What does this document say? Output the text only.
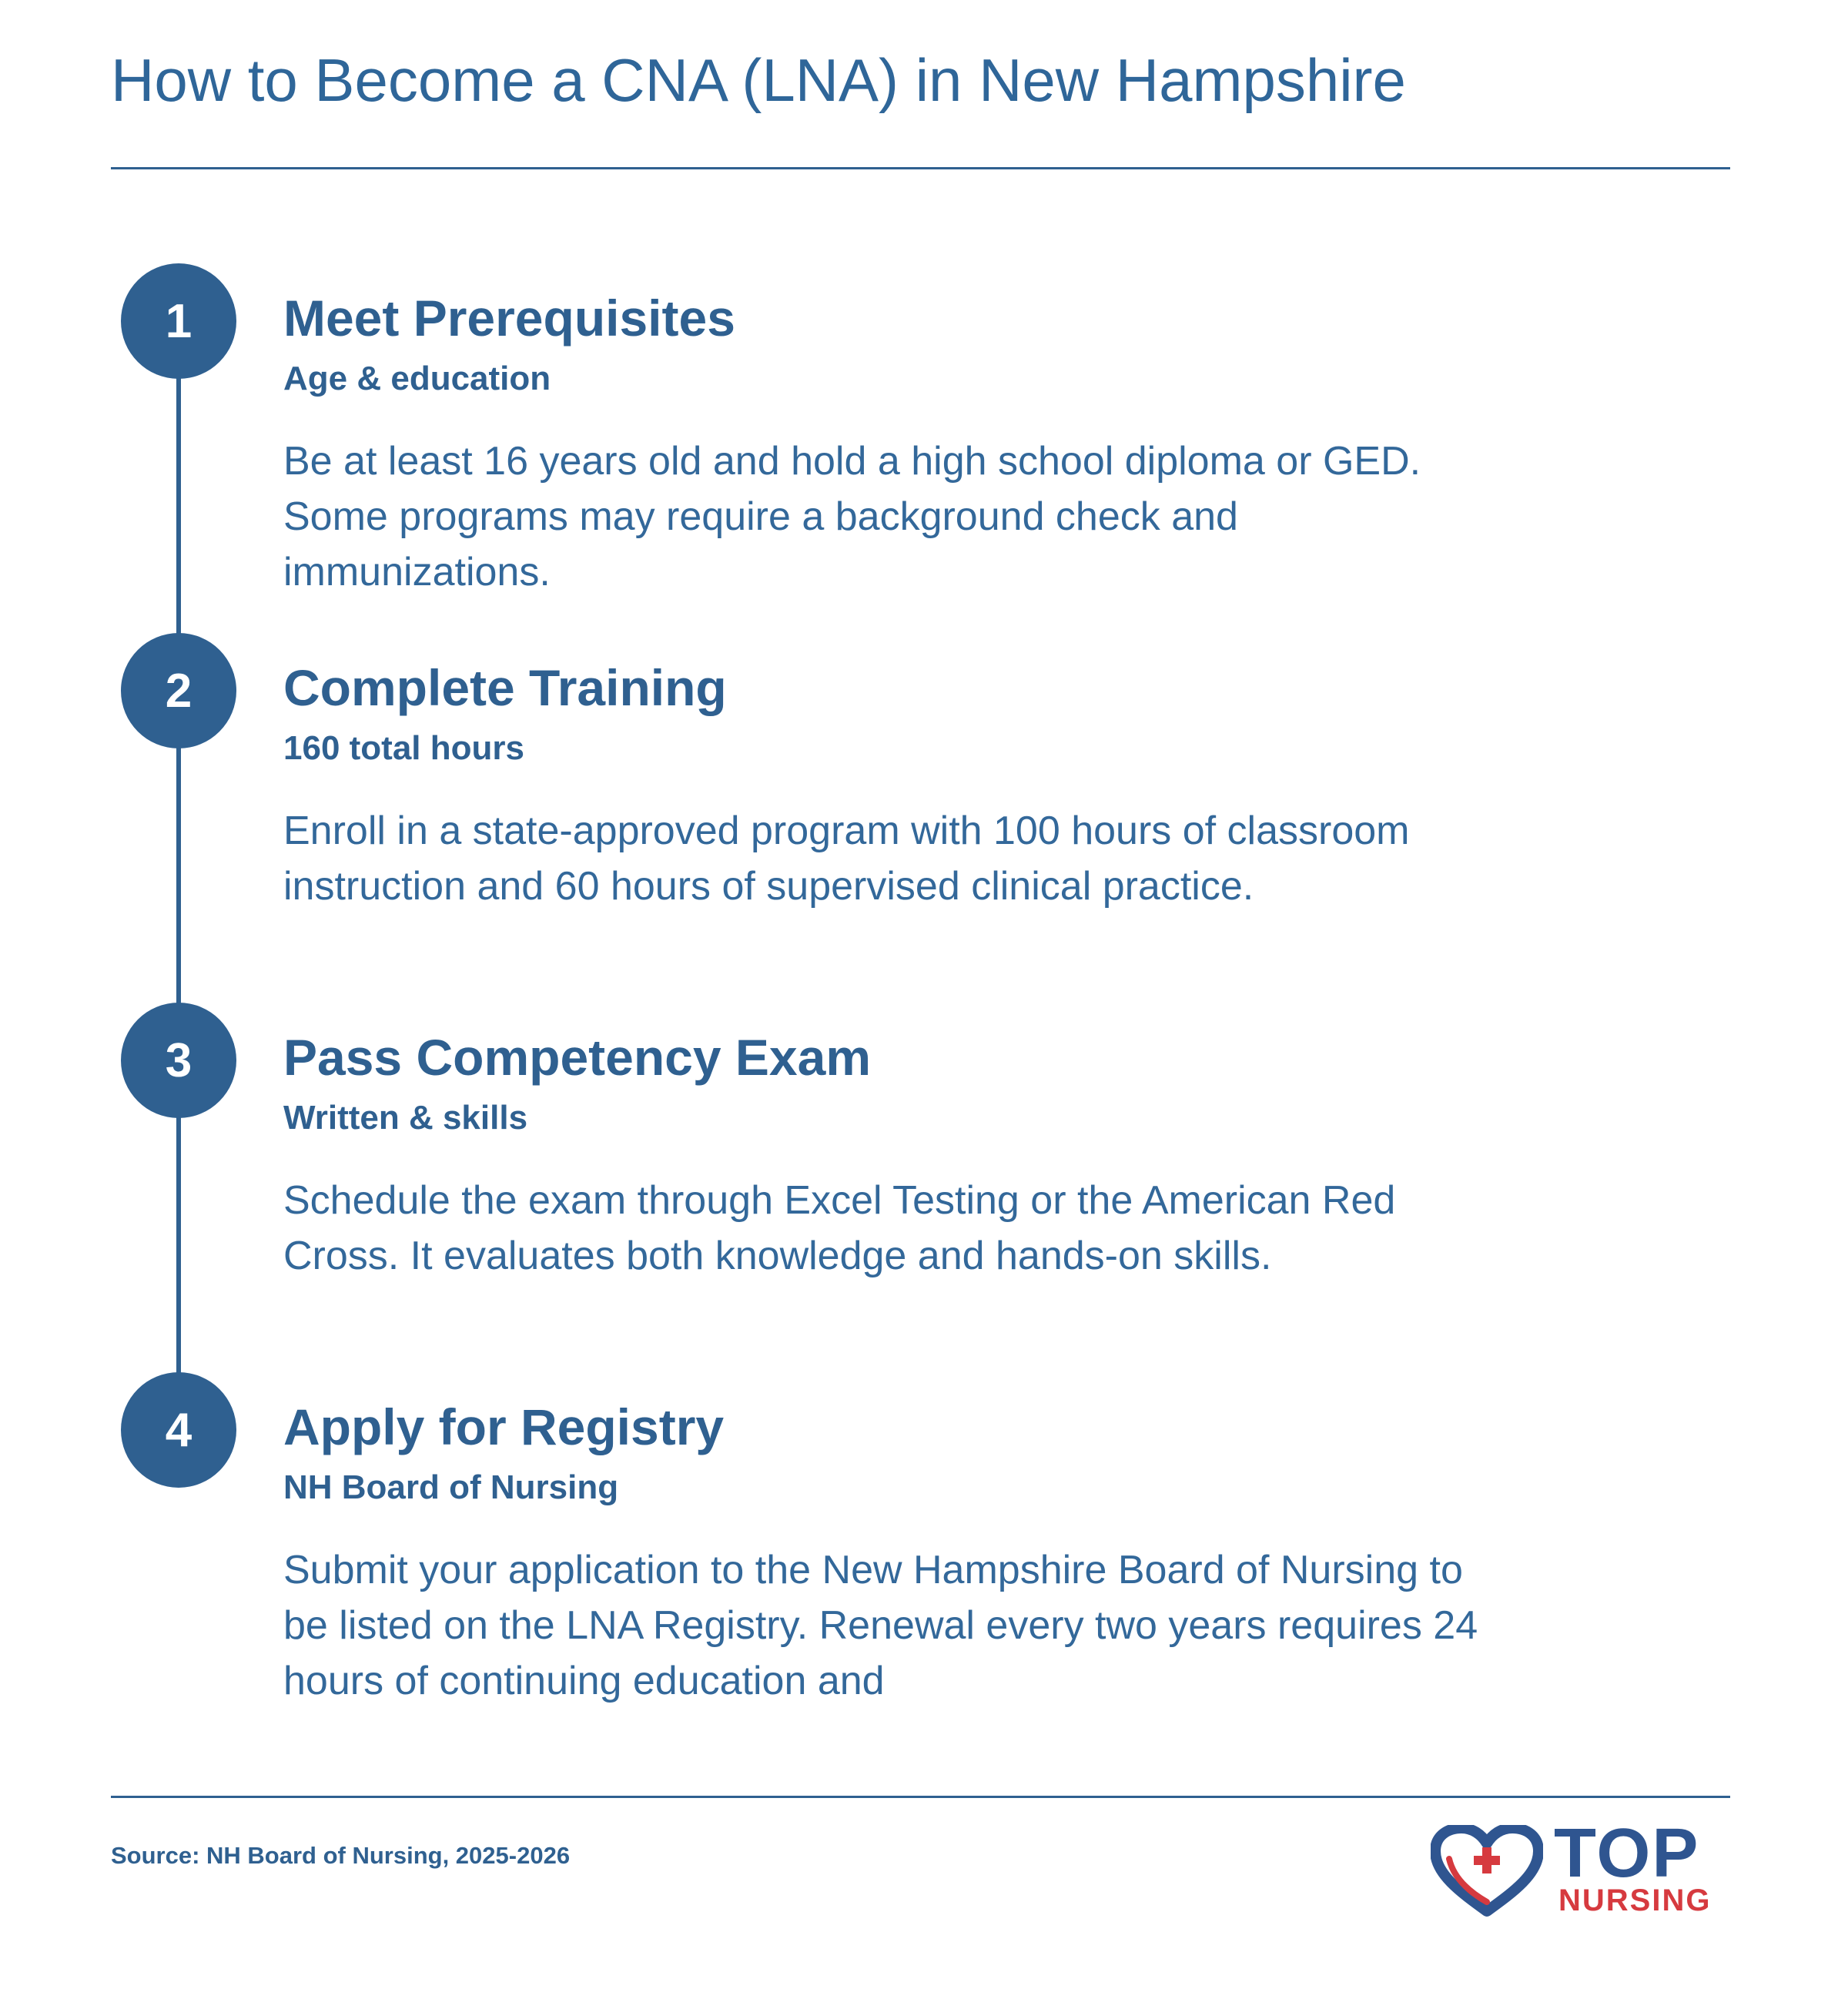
How to Become a CNA (LNA) in New Hampshire
1	Meet Prerequisites

Age & education

Be at least 16 years old and hold a high school diploma or GED. Some programs may require a background check and immunizations.

2	Complete Training

160 total hours

Enroll in a state-approved program with 100 hours of classroom instruction and 60 hours of supervised clinical practice.

3	Pass Competency Exam

Written & skills

Schedule the exam through Excel Testing or the American Red Cross. It evaluates both knowledge and hands-on skills.

4	Apply for Registry

NH Board of Nursing

Submit your application to the New Hampshire Board of Nursing to be listed on the LNA Registry. Renewal every two years requires 24 hours of continuing education and

Source: NH Board of Nursing, 2025-2026	TOP
NURSING
